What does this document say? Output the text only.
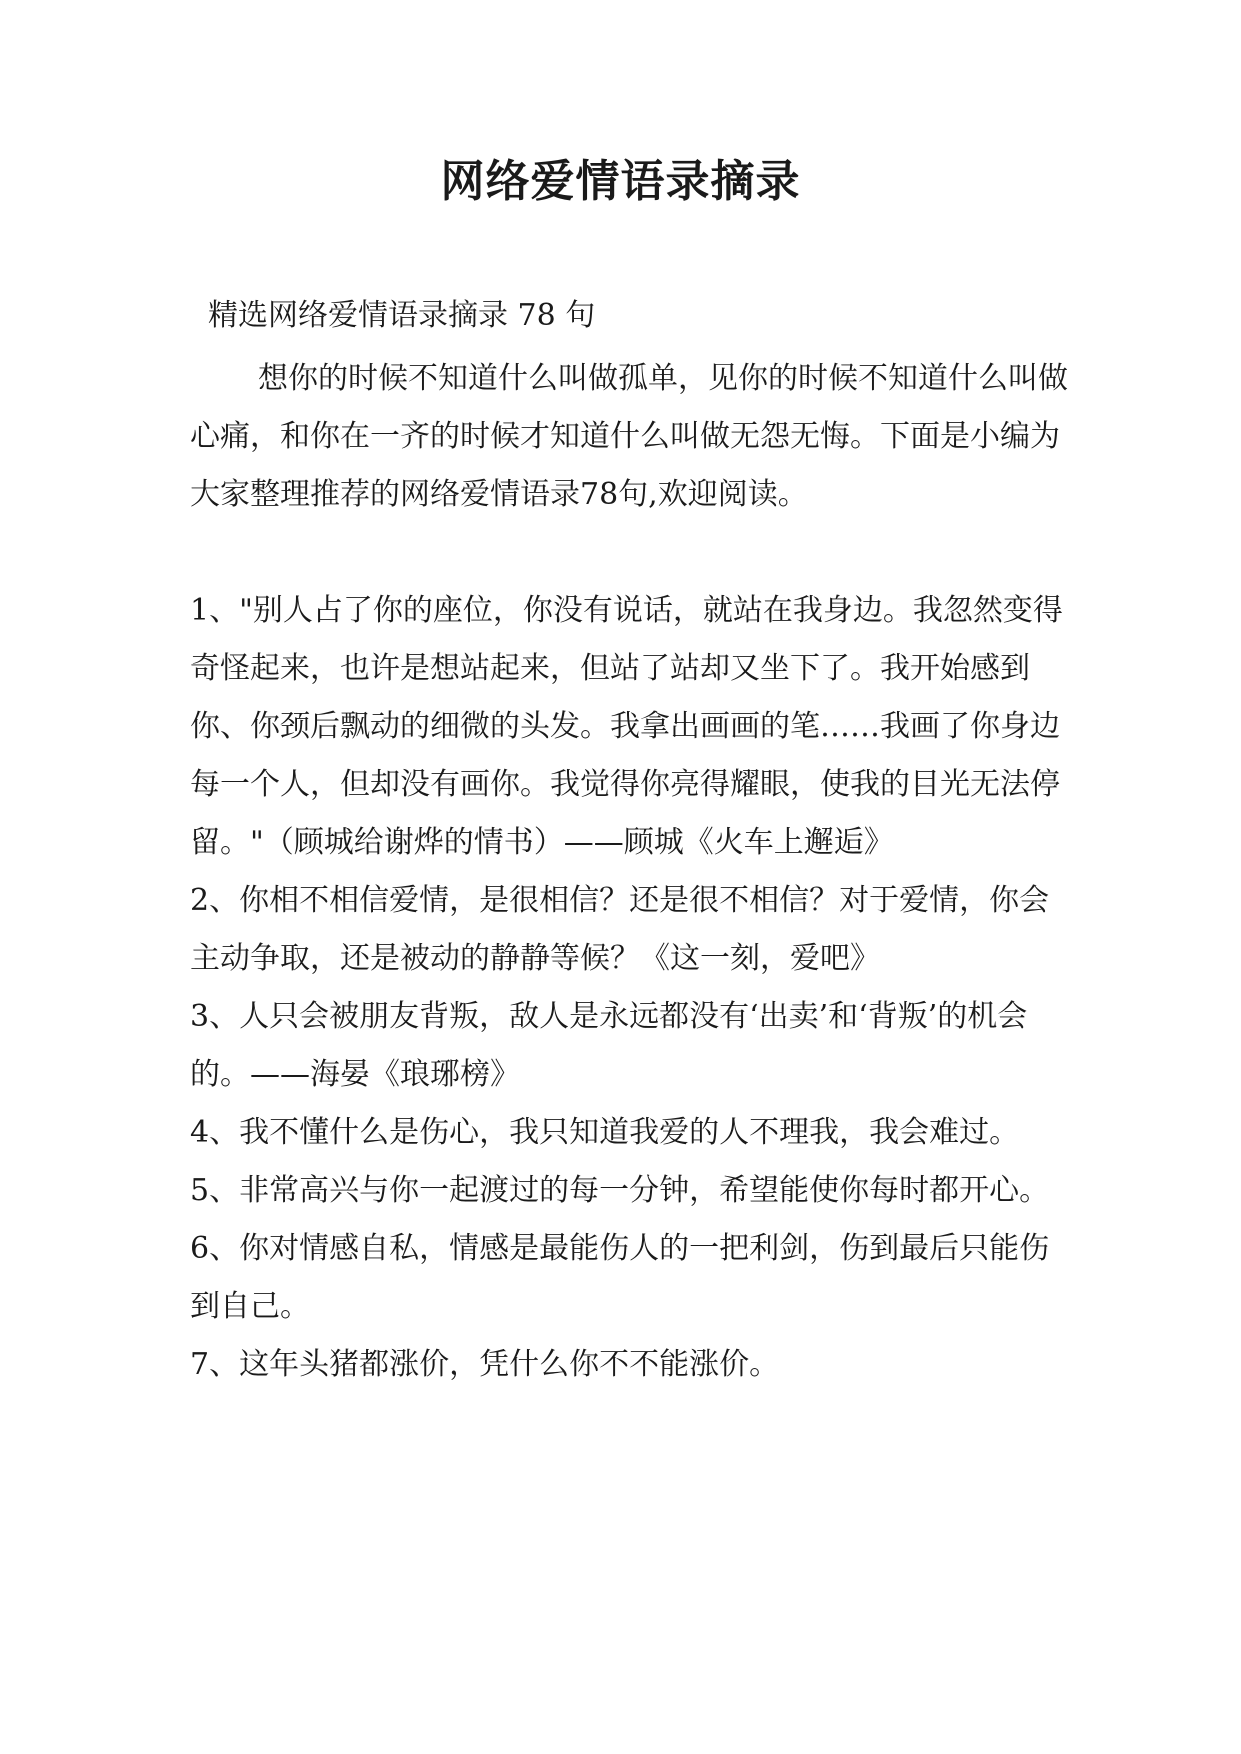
网络爱情语录摘录

精选网络爱情语录摘录 78 句

想你的时候不知道什么叫做孤单，见你的时候不知道什么叫做心痛，和你在一齐的时候才知道什么叫做无怨无悔。下面是小编为大家整理推荐的网络爱情语录78句,欢迎阅读。

1、"别人占了你的座位，你没有说话，就站在我身边。我忽然变得奇怪起来，也许是想站起来，但站了站却又坐下了。我开始感到你、你颈后飘动的细微的头发。我拿出画画的笔……我画了你身边每一个人，但却没有画你。我觉得你亮得耀眼，使我的目光无法停留。"（顾城给谢烨的情书）——顾城《火车上邂逅》

2、你相不相信爱情，是很相信？还是很不相信？对于爱情，你会主动争取，还是被动的静静等候？《这一刻，爱吧》

3、人只会被朋友背叛，敌人是永远都没有‘出卖’和‘背叛’的机会的。——海晏《琅琊榜》

4、我不懂什么是伤心，我只知道我爱的人不理我，我会难过。

5、非常高兴与你一起渡过的每一分钟，希望能使你每时都开心。

6、你对情感自私，情感是最能伤人的一把利剑，伤到最后只能伤到自己。

7、这年头猪都涨价，凭什么你不不能涨价。
